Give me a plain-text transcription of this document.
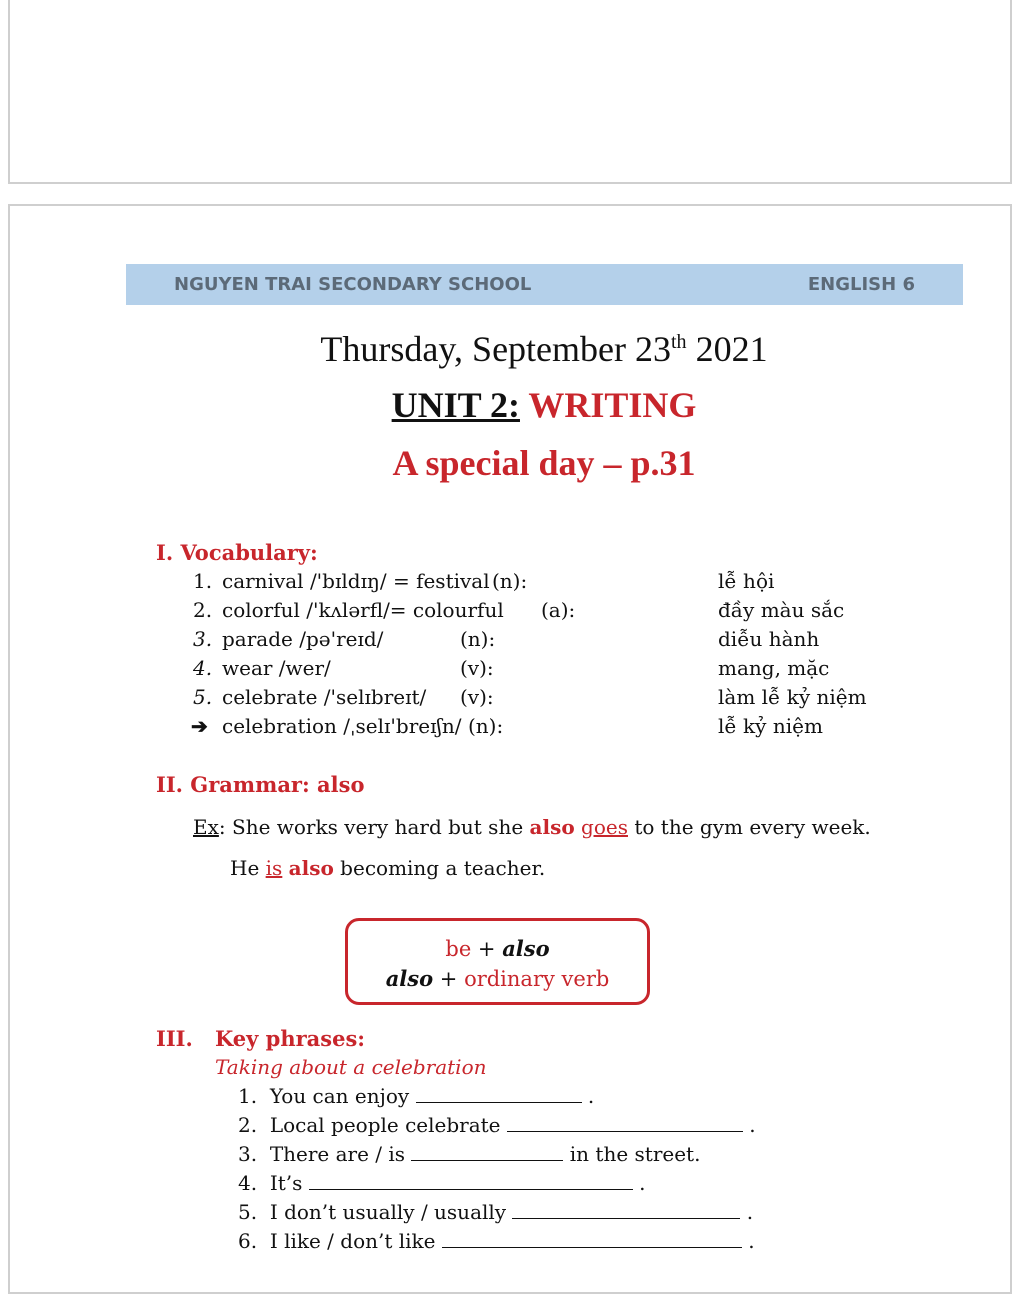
NGUYEN TRAI SECONDARY SCHOOL	ENGLISH 6
Thursday, September 23th 2021
UNIT 2: WRITING
A special day – p.31
I. Vocabulary:
1. carnival /'bɪldɪŋ/ = festival (n):	lễ hội
2. colorful /'kʌlərfl/= colourful (a):	đầy màu sắc
3. parade /pə'reɪd/	(n):	diễu hành
4. wear /wer/	(v):	mang, mặc
5. celebrate /'selɪbreɪt/ (v):	làm lễ kỷ niệm
➔ celebration /ˌselɪ'breɪʃn/ (n):	lễ kỷ niệm
II. Grammar: also
Ex: She works very hard but she also goes to the gym every week.
He is also becoming a teacher.
be + also
also + ordinary verb
III. Key phrases:
Taking about a celebration
1. You can enjoy	.
2. Local people celebrate	.
3. There are / is	in the street.
4. It’s	.
5. I don’t usually / usually	.
6. I like / don’t like	.
